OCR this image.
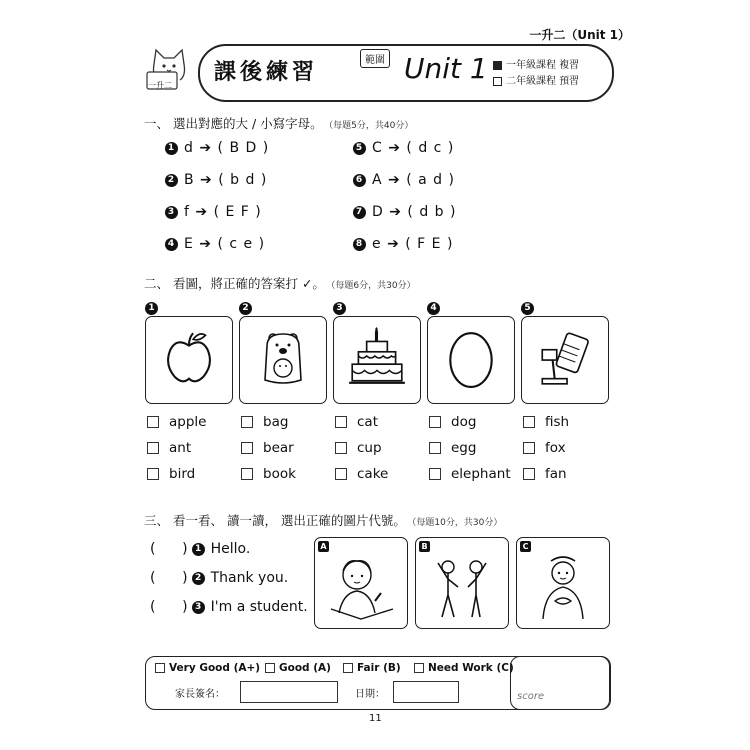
一升二（Unit 1）
一升二
課後練習	範圍 Unit 1	一年級課程 複習
二年級課程 預習
一、 選出對應的大 / 小寫字母。 （每題5分，共40分）
1 d ➔ ( B D )
2 B ➔ ( b d )
3 f ➔ ( E F )
4 E ➔ ( c e )
5 C ➔ ( d c )
6 A ➔ ( a d )
7 D ➔ ( d b )
8 e ➔ ( F E )
二、 看圖，將正確的答案打 ✓。 （每題6分，共30分）
1
apple
ant
bird
2
bag
bear
book
3
cat
cup
cake
4
dog
egg
elephant
5
fish
fox
fan
三、 看一看、 讀一讀， 選出正確的圖片代號。 （每題10分，共30分）
(      ) 1 Hello.
(      ) 2 Thank you.
(      ) 3 I'm a student.
A	B	C
score
Very Good (A+)	Good (A)	Fair (B)	Need Work (C)
家長簽名：	日期：
11
